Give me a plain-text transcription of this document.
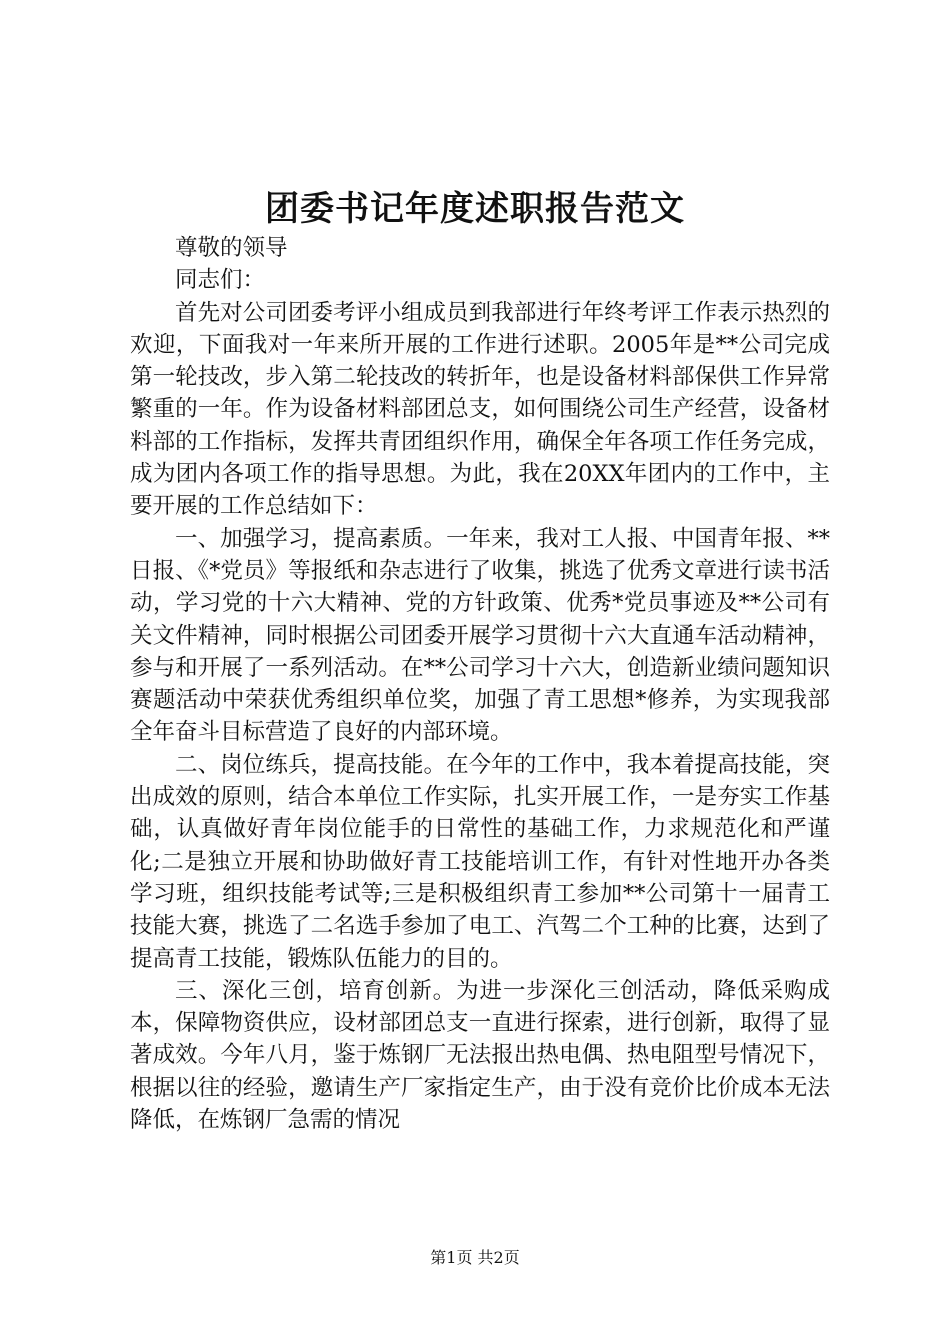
团委书记年度述职报告范文

尊敬的领导

同志们：

首先对公司团委考评小组成员到我部进行年终考评工作表示热烈的欢迎，下面我对一年来所开展的工作进行述职。2005年是**公司完成第一轮技改，步入第二轮技改的转折年，也是设备材料部保供工作异常繁重的一年。作为设备材料部团总支，如何围绕公司生产经营，设备材料部的工作指标，发挥共青团组织作用，确保全年各项工作任务完成，成为团内各项工作的指导思想。为此，我在20XX年团内的工作中，主要开展的工作总结如下：

一、加强学习，提高素质。一年来，我对工人报、中国青年报、**日报、《*党员》等报纸和杂志进行了收集，挑选了优秀文章进行读书活动，学习党的十六大精神、党的方针政策、优秀*党员事迹及**公司有关文件精神，同时根据公司团委开展学习贯彻十六大直通车活动精神，参与和开展了一系列活动。在**公司学习十六大，创造新业绩问题知识赛题活动中荣获优秀组织单位奖，加强了青工思想*修养，为实现我部全年奋斗目标营造了良好的内部环境。

二、岗位练兵，提高技能。在今年的工作中，我本着提高技能，突出成效的原则，结合本单位工作实际，扎实开展工作，一是夯实工作基础，认真做好青年岗位能手的日常性的基础工作，力求规范化和严谨化;二是独立开展和协助做好青工技能培训工作，有针对性地开办各类学习班，组织技能考试等;三是积极组织青工参加**公司第十一届青工技能大赛，挑选了二名选手参加了电工、汽驾二个工种的比赛，达到了提高青工技能，锻炼队伍能力的目的。

三、深化三创，培育创新。为进一步深化三创活动，降低采购成本，保障物资供应，设材部团总支一直进行探索，进行创新，取得了显著成效。今年八月，鉴于炼钢厂无法报出热电偶、热电阻型号情况下，根据以往的经验，邀请生产厂家指定生产，由于没有竞价比价成本无法降低，在炼钢厂急需的情况

第1页 共2页
